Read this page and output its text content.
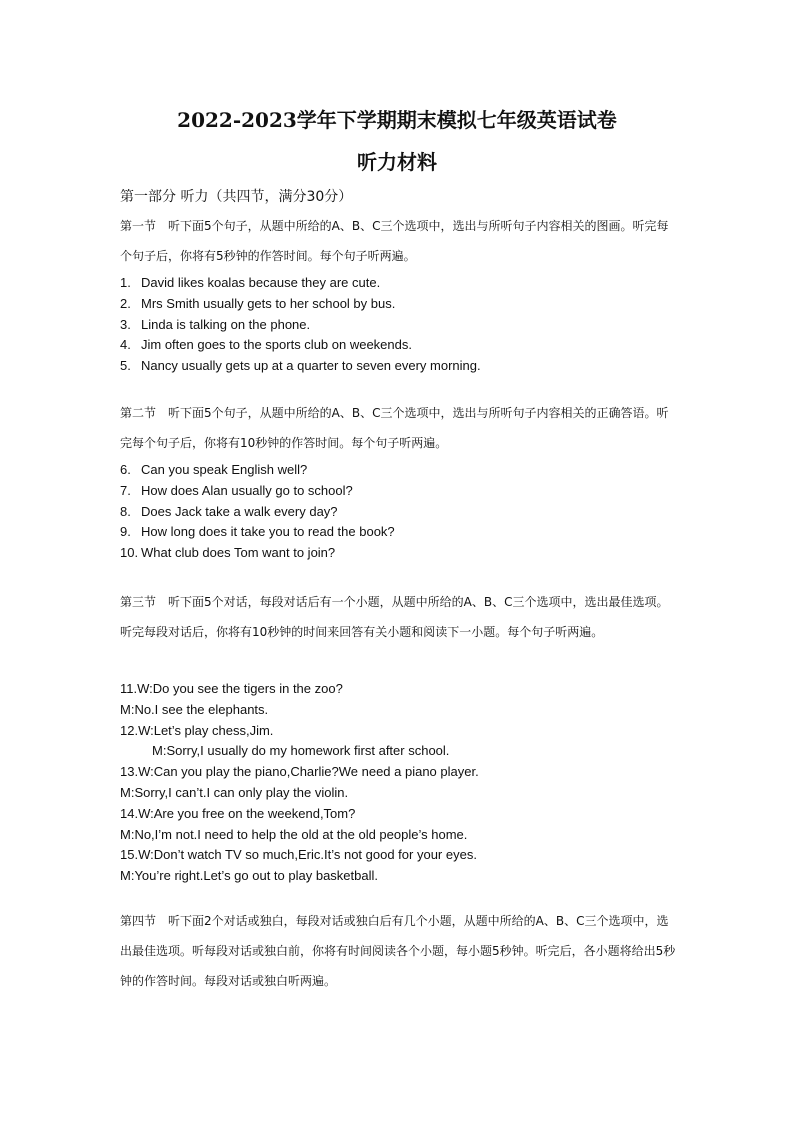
2022-2023学年下学期期末模拟七年级英语试卷
听力材料
第一部分 听力（共四节，满分30分）
第一节　听下面5个句子，从题中所给的A、B、C三个选项中，选出与所听句子内容相关的图画。听完每个句子后，你将有5秒钟的作答时间。每个句子听两遍。
1. David likes koalas because they are cute.
2. Mrs Smith usually gets to her school by bus.
3. Linda is talking on the phone.
4. Jim often goes to the sports club on weekends.
5. Nancy usually gets up at a quarter to seven every morning.
第二节　听下面5个句子，从题中所给的A、B、C三个选项中，选出与所听句子内容相关的正确答语。听完每个句子后，你将有10秒钟的作答时间。每个句子听两遍。
6. Can you speak English well?
7. How does Alan usually go to school?
8. Does Jack take a walk every day?
9. How long does it take you to read the book?
10. What club does Tom want to join?
第三节　听下面5个对话，每段对话后有一个小题，从题中所给的A、B、C三个选项中，选出最佳选项。听完每段对话后，你将有10秒钟的时间来回答有关小题和阅读下一小题。每个句子听两遍。
11.W:Do you see the tigers in the zoo?
M:No.I see the elephants.
12.W:Let’s play chess,Jim.
M:Sorry,I usually do my homework first after school.
13.W:Can you play the piano,Charlie?We need a piano player.
M:Sorry,I can’t.I can only play the violin.
14.W:Are you free on the weekend,Tom?
M:No,I’m not.I need to help the old at the old people’s home.
15.W:Don’t watch TV so much,Eric.It’s not good for your eyes.
M:You’re right.Let’s go out to play basketball.
第四节　听下面2个对话或独白，每段对话或独白后有几个小题，从题中所给的A、B、C三个选项中，选出最佳选项。听每段对话或独白前，你将有时间阅读各个小题，每小题5秒钟。听完后，各小题将给出5秒钟的作答时间。每段对话或独白听两遍。
